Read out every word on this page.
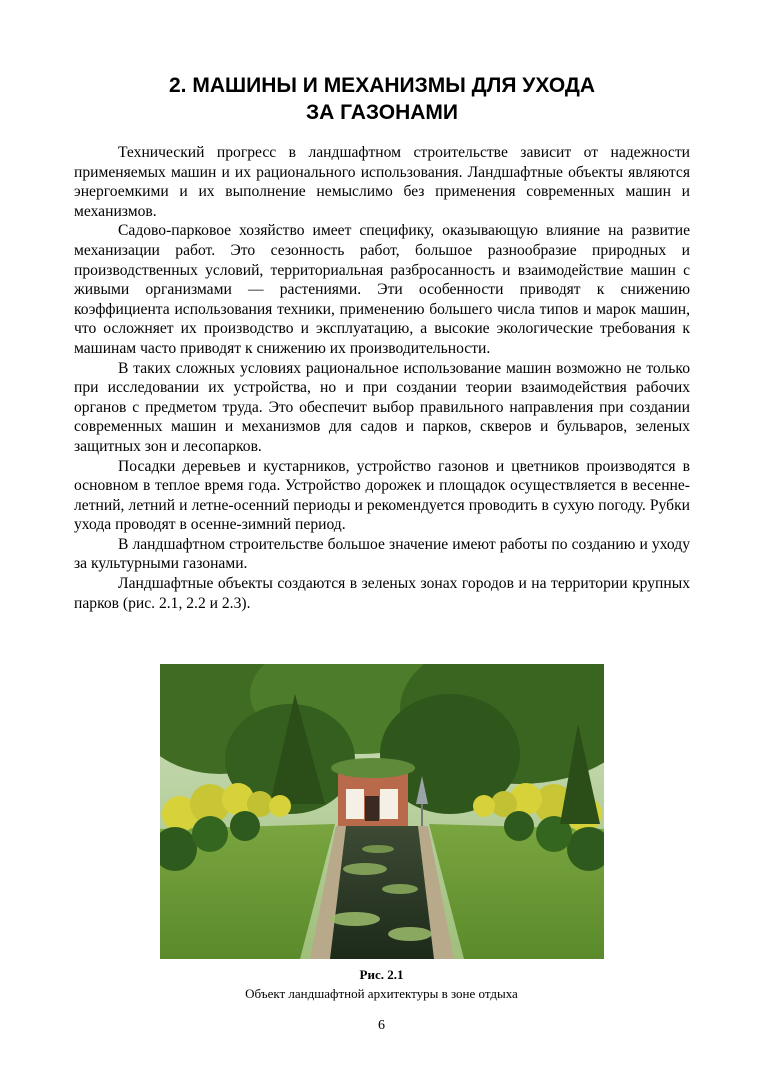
2. МАШИНЫ И МЕХАНИЗМЫ ДЛЯ УХОДА
ЗА ГАЗОНАМИ

Технический прогресс в ландшафтном строительстве зависит от надежности применяемых машин и их рационального использования. Ландшафтные объекты являются энергоемкими и их выполнение немыслимо без применения современных машин и механизмов.

Садово-парковое хозяйство имеет специфику, оказывающую влияние на развитие механизации работ. Это сезонность работ, большое разнообразие природных и производственных условий, территориальная разбросанность и взаимодействие машин с живыми организмами — растениями. Эти особенности приводят к снижению коэффициента использования техники, применению большего числа типов и марок машин, что осложняет их производство и эксплуатацию, а высокие экологические требования к машинам часто приводят к снижению их производительности.

В таких сложных условиях рациональное использование машин возможно не только при исследовании их устройства, но и при создании теории взаимодействия рабочих органов с предметом труда. Это обеспечит выбор правильного направления при создании современных машин и механизмов для садов и парков, скверов и бульваров, зеленых защитных зон и лесопарков.

Посадки деревьев и кустарников, устройство газонов и цветников производятся в основном в теплое время года. Устройство дорожек и площадок осуществляется в весенне-летний, летний и летне-осенний периоды и рекомендуется проводить в сухую погоду. Рубки ухода проводят в осенне-зимний период.

В ландшафтном строительстве большое значение имеют работы по созданию и уходу за культурными газонами.

Ландшафтные объекты создаются в зеленых зонах городов и на территории крупных парков (рис. 2.1, 2.2 и 2.3).

Рис. 2.1
Объект ландшафтной архитектуры в зоне отдыха
6
